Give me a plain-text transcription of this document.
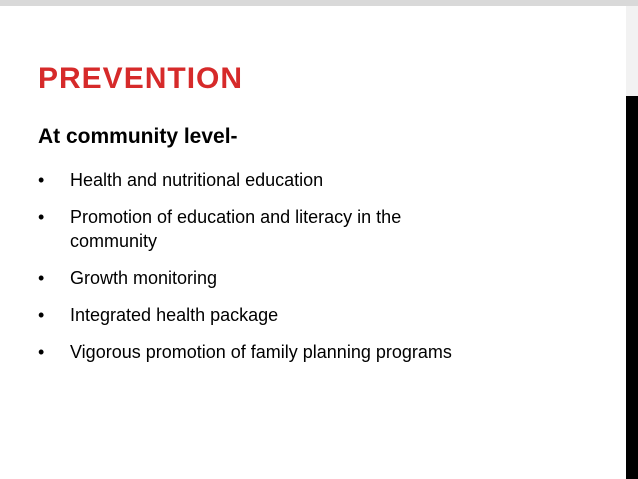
PREVENTION
At community level-
• Health and nutritional education
• Promotion of education and literacy in the community
• Growth monitoring
• Integrated health package
• Vigorous promotion of family planning programs
